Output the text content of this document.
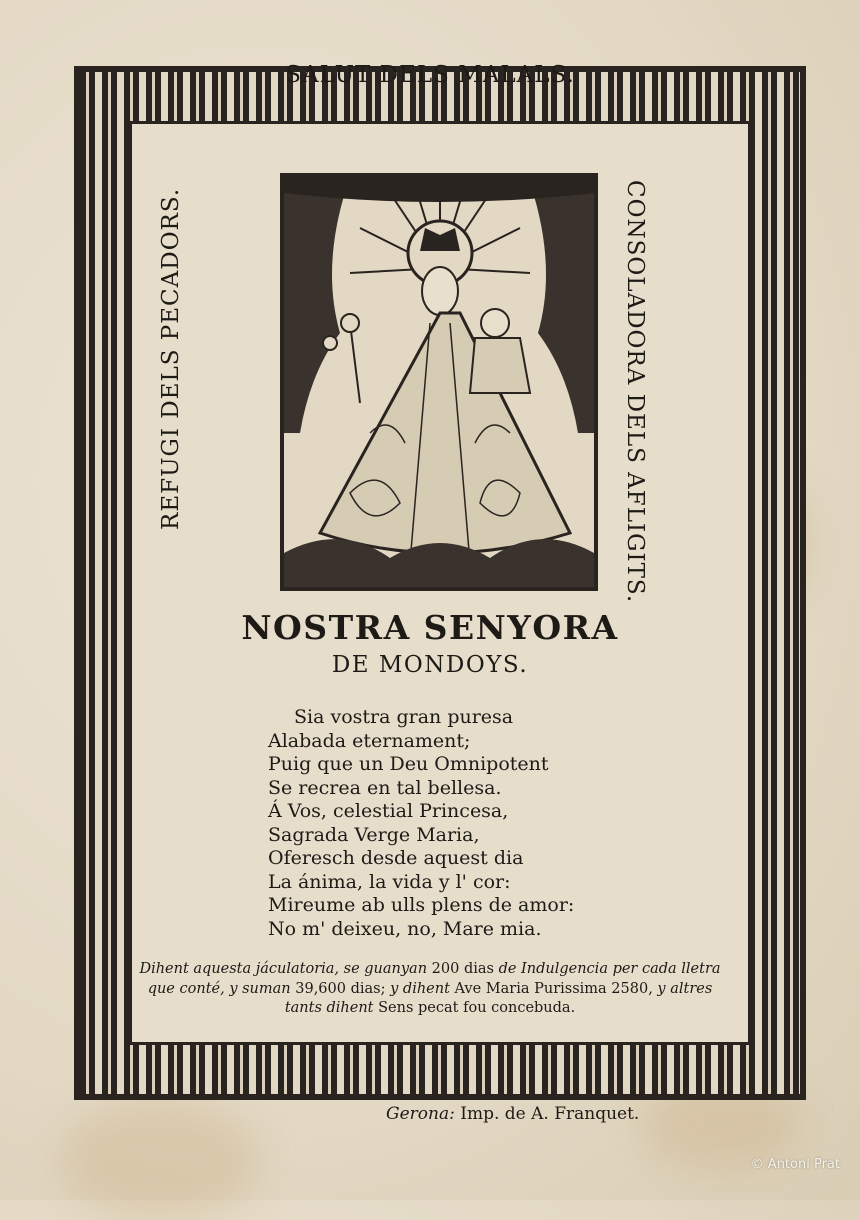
SALUT DELS MALALS.
REFUGI DELS PECADORS.	CONSOLADORA DELS AFLIGITS.
NOSTRA SENYORA
DE MONDOYS.
Sia vostra gran puresa
Alabada eternament;
Puig que un Deu Omnipotent
Se recrea en tal bellesa.
Á Vos, celestial Princesa,
Sagrada Verge Maria,
Oferesch desde aquest dia
La ánima, la vida y l' cor:
Mireume ab ulls plens de amor:
No m' deixeu, no, Mare mia.
Dihent aquesta jáculatoria, se guanyan 200 dias de Indulgencia per cada lletra que conté, y suman 39,600 dias; y dihent Ave Maria Purissima 2580, y altres tants dihent Sens pecat fou concebuda.
Gerona: Imp. de A. Franquet.
© Antoni Prat
